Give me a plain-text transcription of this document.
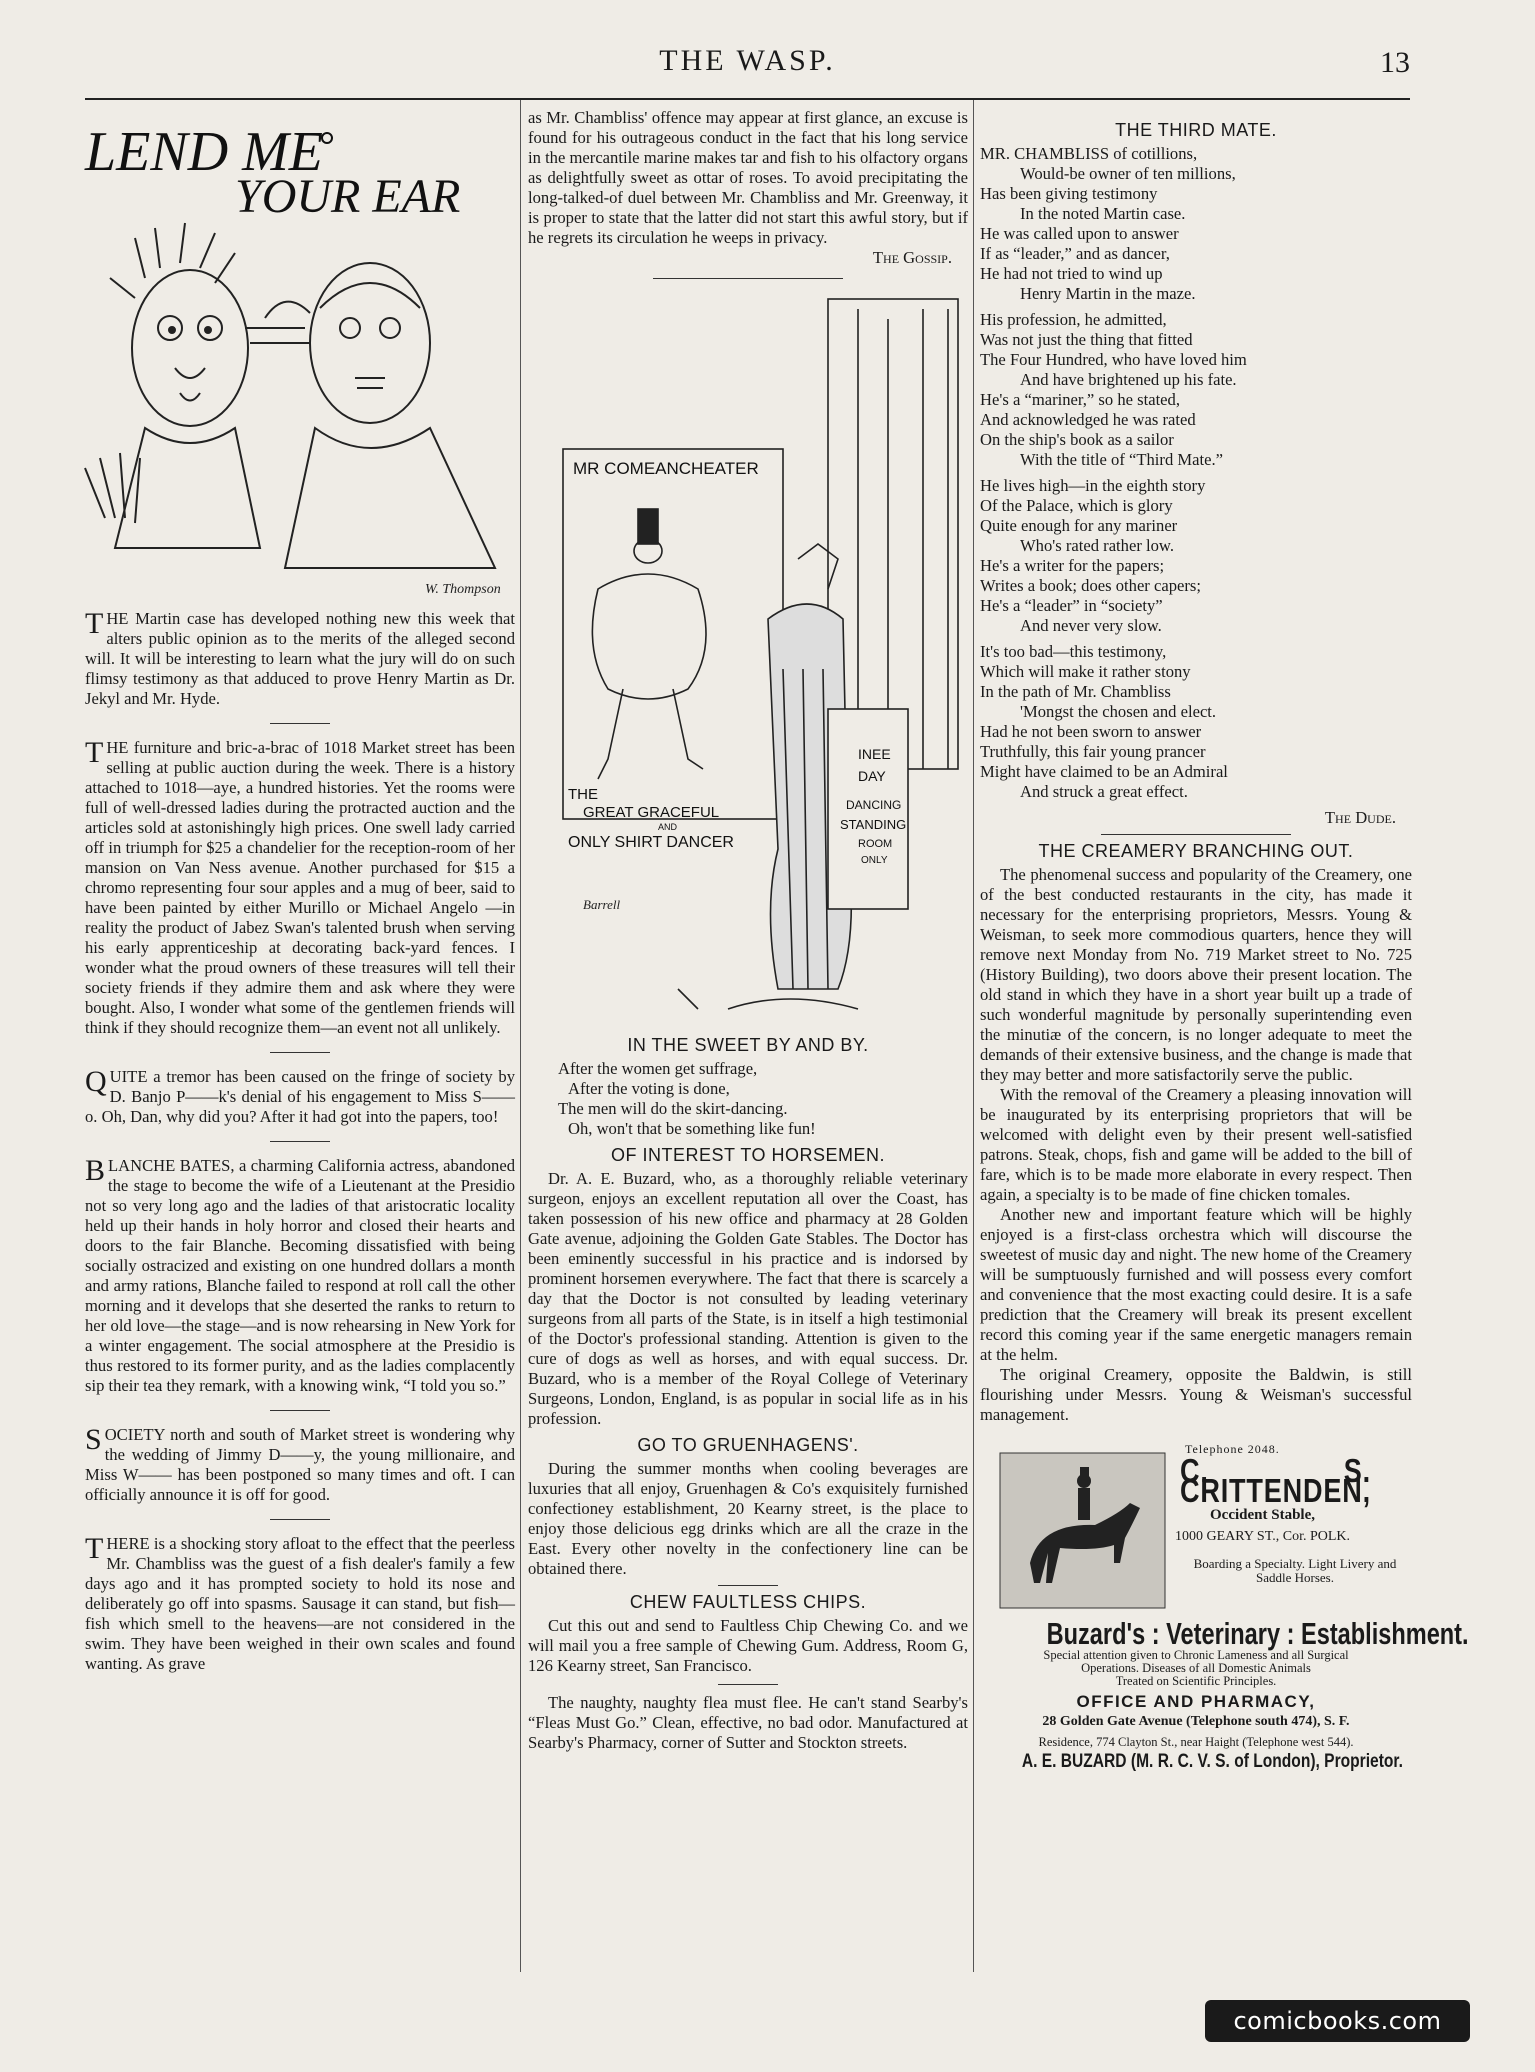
THE WASP.	13
LEND ME
YOUR EAR
W. Thompson

THE Martin case has developed nothing new this week that alters public opinion as to the merits of the alleged second will. It will be interesting to learn what the jury will do on such flimsy testimony as that adduced to prove Henry Martin as Dr. Jekyl and Mr. Hyde.

THE furniture and bric-a-brac of 1018 Market street has been selling at public auction during the week. There is a history attached to 1018—aye, a hundred histories. Yet the rooms were full of well-dressed ladies during the protracted auction and the articles sold at astonishingly high prices. One swell lady carried off in triumph for $25 a chandelier for the reception-room of her mansion on Van Ness avenue. Another purchased for $15 a chromo representing four sour apples and a mug of beer, said to have been painted by either Murillo or Michael Angelo —in reality the product of Jabez Swan's talented brush when serving his early apprenticeship at decorating back-yard fences. I wonder what the proud owners of these treasures will tell their society friends if they admire them and ask where they were bought. Also, I wonder what some of the gentlemen friends will think if they should recognize them—an event not all unlikely.

QUITE a tremor has been caused on the fringe of society by D. Banjo P——k's denial of his engagement to Miss S——o. Oh, Dan, why did you? After it had got into the papers, too!

BLANCHE BATES, a charming California actress, abandoned the stage to become the wife of a Lieutenant at the Presidio not so very long ago and the ladies of that aristocratic locality held up their hands in holy horror and closed their hearts and doors to the fair Blanche. Becoming dissatisfied with being socially ostracized and existing on one hundred dollars a month and army rations, Blanche failed to respond at roll call the other morning and it develops that she deserted the ranks to return to her old love—the stage—and is now rehearsing in New York for a winter engagement. The social atmosphere at the Presidio is thus restored to its former purity, and as the ladies complacently sip their tea they remark, with a knowing wink, “I told you so.”

SOCIETY north and south of Market street is wondering why the wedding of Jimmy D——y, the young millionaire, and Miss W—— has been postponed so many times and oft. I can officially announce it is off for good.

THERE is a shocking story afloat to the effect that the peerless Mr. Chambliss was the guest of a fish dealer's family a few days ago and it has prompted society to hold its nose and deliberately go off into spasms. Sausage it can stand, but fish—fish which smell to the heavens—are not considered in the swim. They have been weighed in their own scales and found wanting. As grave

as Mr. Chambliss' offence may appear at first glance, an excuse is found for his outrageous conduct in the fact that his long service in the mercantile marine makes tar and fish to his olfactory organs as delightfully sweet as ottar of roses. To avoid precipitating the long-talked-of duel between Mr. Chambliss and Mr. Greenway, it is proper to state that the latter did not start this awful story, but if he regrets its circulation he weeps in privacy.

The Gossip.

MR COMEANCHEATER
THE
GREAT GRACEFUL
AND
ONLY SHIRT DANCER
INEE
DAY
DANCING
STANDING
ROOM
ONLY
Barrell
IN THE SWEET BY AND BY.

After the women get suffrage,

After the voting is done,

The men will do the skirt-dancing.

Oh, won't that be something like fun!

OF INTEREST TO HORSEMEN.

Dr. A. E. Buzard, who, as a thoroughly reliable veterinary surgeon, enjoys an excellent reputation all over the Coast, has taken possession of his new office and pharmacy at 28 Golden Gate avenue, adjoining the Golden Gate Stables. The Doctor has been eminently successful in his practice and is indorsed by prominent horsemen everywhere. The fact that there is scarcely a day that the Doctor is not consulted by leading veterinary surgeons from all parts of the State, is in itself a high testimonial of the Doctor's professional standing. Attention is given to the cure of dogs as well as horses, and with equal success. Dr. Buzard, who is a member of the Royal College of Veterinary Surgeons, London, England, is as popular in social life as in his profession.

GO TO GRUENHAGENS'.

During the summer months when cooling beverages are luxuries that all enjoy, Gruenhagen & Co's exquisitely furnished confectioney establishment, 20 Kearny street, is the place to enjoy those delicious egg drinks which are all the craze in the East. Every other novelty in the confectionery line can be obtained there.

CHEW FAULTLESS CHIPS.

Cut this out and send to Faultless Chip Chewing Co. and we will mail you a free sample of Chewing Gum. Address, Room G, 126 Kearny street, San Francisco.

The naughty, naughty flea must flee. He can't stand Searby's “Fleas Must Go.” Clean, effective, no bad odor. Manufactured at Searby's Pharmacy, corner of Sutter and Stockton streets.

THE THIRD MATE.

MR. CHAMBLISS of cotillions,

Would-be owner of ten millions,

Has been giving testimony

In the noted Martin case.

He was called upon to answer

If as “leader,” and as dancer,

He had not tried to wind up

Henry Martin in the maze.

His profession, he admitted,

Was not just the thing that fitted

The Four Hundred, who have loved him

And have brightened up his fate.

He's a “mariner,” so he stated,

And acknowledged he was rated

On the ship's book as a sailor

With the title of “Third Mate.”

He lives high—in the eighth story

Of the Palace, which is glory

Quite enough for any mariner

Who's rated rather low.

He's a writer for the papers;

Writes a book; does other capers;

He's a “leader” in “society”

And never very slow.

It's too bad—this testimony,

Which will make it rather stony

In the path of Mr. Chambliss

'Mongst the chosen and elect.

Had he not been sworn to answer

Truthfully, this fair young prancer

Might have claimed to be an Admiral

And struck a great effect.

The Dude.

THE CREAMERY BRANCHING OUT.

The phenomenal success and popularity of the Creamery, one of the best conducted restaurants in the city, has made it necessary for the enterprising proprietors, Messrs. Young & Weisman, to seek more commodious quarters, hence they will remove next Monday from No. 719 Market street to No. 725 (History Building), two doors above their present location. The old stand in which they have in a short year built up a trade of such wonderful magnitude by personally superintending even the minutiæ of the concern, is no longer adequate to meet the demands of their extensive business, and the change is made that they may better and more satisfactorily serve the public.

With the removal of the Creamery a pleasing innovation will be inaugurated by its enterprising proprietors that will be welcomed with delight even by their present well-satisfied patrons. Steak, chops, fish and game will be added to the bill of fare, which is to be made more elaborate in every respect. Then again, a specialty is to be made of fine chicken tomales.

Another new and important feature which will be highly enjoyed is a first-class orchestra which will discourse the sweetest of music day and night. The new home of the Creamery will be sumptuously furnished and will possess every comfort and convenience that the most exacting could desire. It is a safe prediction that the Creamery will break its present excellent record this coming year if the same energetic managers remain at the helm.

The original Creamery, opposite the Baldwin, is still flourishing under Messrs. Young & Weisman's successful management.

Telephone 2048.
C. S. CRITTENDEN,
Occident Stable,
1000 GEARY ST., Cor. POLK.
Boarding a Specialty. Light Livery and Saddle Horses.
Buzard's : Veterinary : Establishment.
Special attention given to Chronic Lameness and all Surgical
Operations. Diseases of all Domestic Animals
Treated on Scientific Principles.
OFFICE AND PHARMACY,
28 Golden Gate Avenue (Telephone south 474), S. F.
Residence, 774 Clayton St., near Haight (Telephone west 544).
A. E. BUZARD (M. R. C. V. S. of London), Proprietor.
comicbooks.com
